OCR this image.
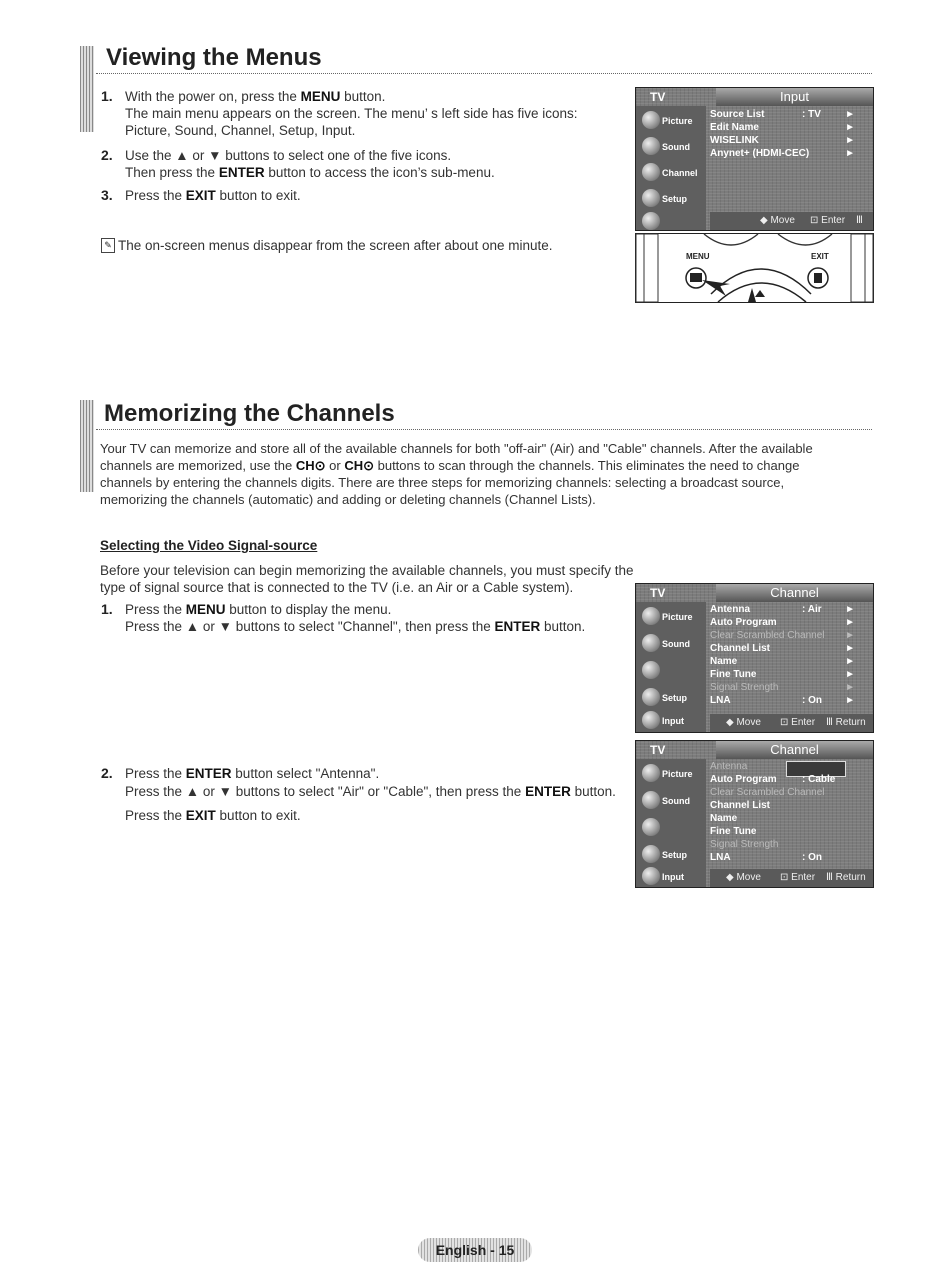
Viewing the Menus
1. With the power on, press the MENU button.
The main menu appears on the screen. The menu’ s left side has five icons:
Picture, Sound, Channel, Setup, Input.
2. Use the ▲ or ▼ buttons to select one of the five icons.
Then press the ENTER button to access the icon’s sub-menu.
3. Press the EXIT button to exit.
✎ The on-screen menus disappear from the screen after about one minute.
TV	Input
Picture
Sound
Channel
Setup
Source List	: TV ►
Edit Name	►
WISELINK	►
Anynet+ (HDMI-CEC)	►
◆ Move ⊡ Enter Ⅲ
MENU	EXIT
Memorizing the Channels
Your TV can memorize and store all of the available channels for both "off-air" (Air) and "Cable" channels. After the available
channels are memorized, use the CH⊙ or CH⊙ buttons to scan through the channels. This eliminates the need to change
channels by entering the channels digits. There are three steps for memorizing channels: selecting a broadcast source,
memorizing the channels (automatic) and adding or deleting channels (Channel Lists).
Selecting the Video Signal-source
Before your television can begin memorizing the available channels, you must specify the
type of signal source that is connected to the TV (i.e. an Air or a Cable system).
1. Press the MENU button to display the menu.
Press the ▲ or ▼ buttons to select "Channel", then press the ENTER button.
2. Press the ENTER button select "Antenna".
Press the ▲ or ▼ buttons to select "Air" or "Cable", then press the ENTER button.
Press the EXIT button to exit.
TV	Channel
Picture
Sound
Setup
Input
Antenna	: Air ►
Auto Program	►
Clear Scrambled Channel ►
Channel List	►
Name	►
Fine Tune	►
Signal Strength	►
LNA	: On ►
◆ Move ⊡ Enter Ⅲ Return
TV	Channel
Picture
Sound
Setup
Input
Antenna
Auto Program	: Cable
Clear Scrambled Channel
Channel List
Name
Fine Tune
Signal Strength
LNA	: On
◆ Move ⊡ Enter Ⅲ Return
English - 15
